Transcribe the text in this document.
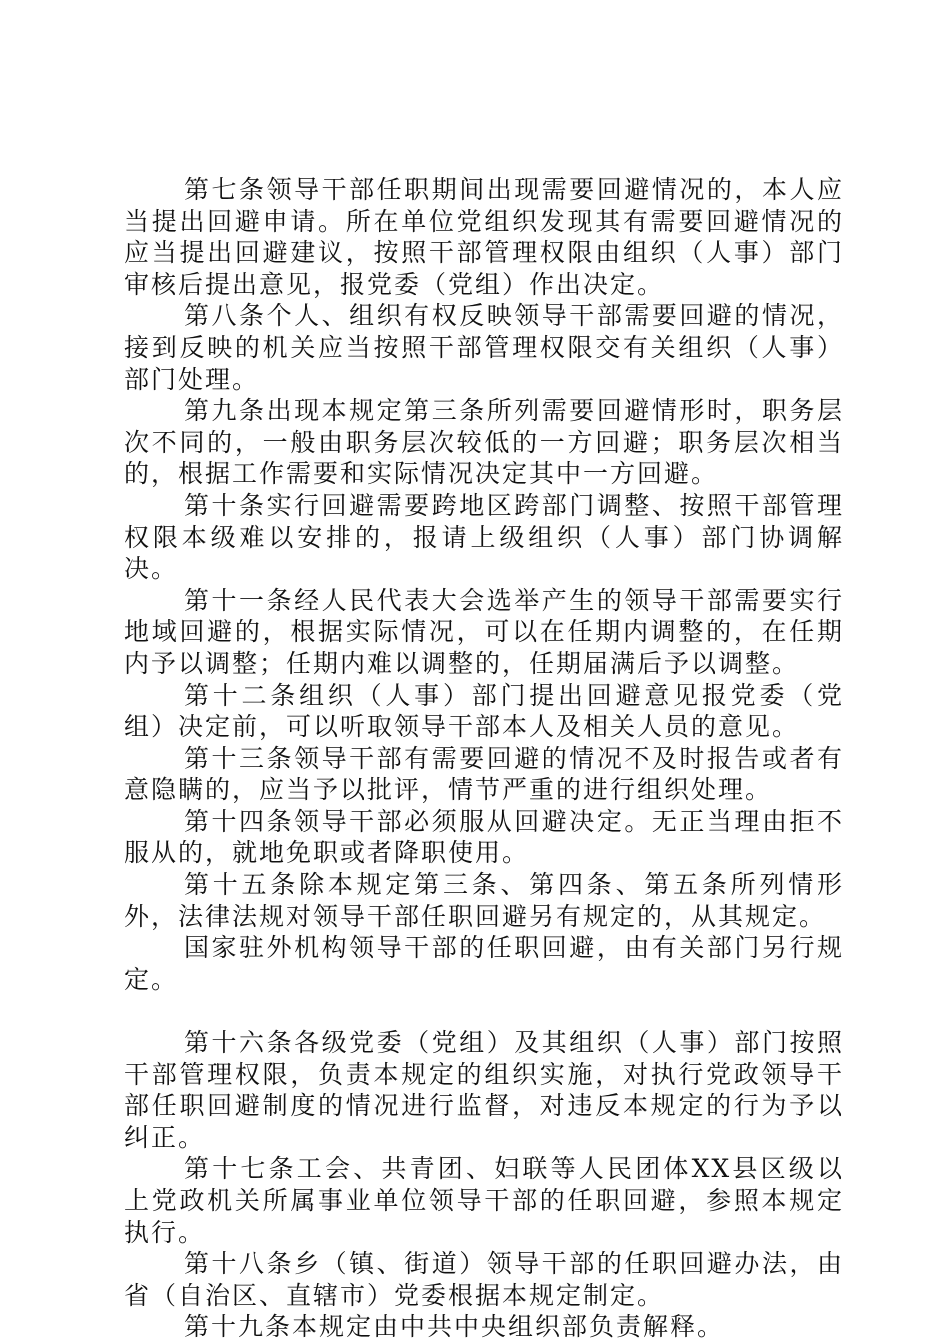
第七条领导干部任职期间出现需要回避情况的，本人应当提出回避申请。所在单位党组织发现其有需要回避情况的应当提出回避建议，按照干部管理权限由组织（人事）部门审核后提出意见，报党委（党组）作出决定。

第八条个人、组织有权反映领导干部需要回避的情况，接到反映的机关应当按照干部管理权限交有关组织（人事）部门处理。

第九条出现本规定第三条所列需要回避情形时，职务层次不同的，一般由职务层次较低的一方回避；职务层次相当的，根据工作需要和实际情况决定其中一方回避。

第十条实行回避需要跨地区跨部门调整、按照干部管理权限本级难以安排的，报请上级组织（人事）部门协调解决。

第十一条经人民代表大会选举产生的领导干部需要实行地域回避的，根据实际情况，可以在任期内调整的，在任期内予以调整；任期内难以调整的，任期届满后予以调整。

第十二条组织（人事）部门提出回避意见报党委（党组）决定前，可以听取领导干部本人及相关人员的意见。

第十三条领导干部有需要回避的情况不及时报告或者有意隐瞒的，应当予以批评，情节严重的进行组织处理。

第十四条领导干部必须服从回避决定。无正当理由拒不服从的，就地免职或者降职使用。

第十五条除本规定第三条、第四条、第五条所列情形外，法律法规对领导干部任职回避另有规定的，从其规定。

国家驻外机构领导干部的任职回避，由有关部门另行规定。

第十六条各级党委（党组）及其组织（人事）部门按照干部管理权限，负责本规定的组织实施，对执行党政领导干部任职回避制度的情况进行监督，对违反本规定的行为予以纠正。

第十七条工会、共青团、妇联等人民团体XX县区级以上党政机关所属事业单位领导干部的任职回避，参照本规定执行。

第十八条乡（镇、街道）领导干部的任职回避办法，由省（自治区、直辖市）党委根据本规定制定。

第十九条本规定由中共中央组织部负责解释。
